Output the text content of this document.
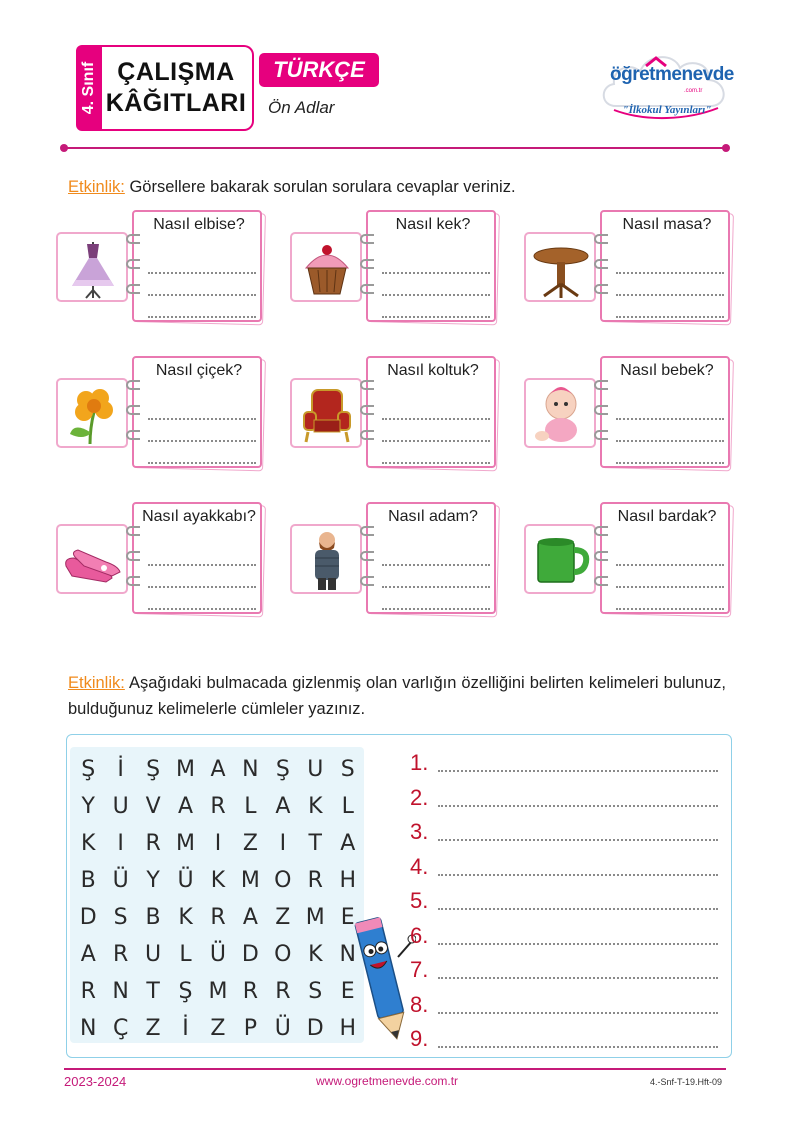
4. Sınıf ÇALIŞMA
KÂĞITLARI
TÜRKÇE
Ön Adlar
öğretmenevde
.com.tr
"İlkokul Yayınları"
Etkinlik: Görsellere bakarak sorulan sorulara cevaplar veriniz.
Nasıl elbise?	Nasıl kek?	Nasıl masa?
Nasıl çiçek?	Nasıl koltuk?	Nasıl bebek?
Nasıl ayakkabı?	Nasıl adam?	Nasıl bardak?
Etkinlik: Aşağıdaki bulmacada gizlenmiş olan varlığın özelliğini belirten kelimeleri bulunuz, bulduğunuz kelimelerle cümleler yazınız.
Ş	İ	Ş M A N Ş U S
Y U V A R L A K L
K I R M I Z I	T A
B Ü Y Ü K M O R H
D S B K R A Z M E
A R U L Ü D O K N
R N T Ş M R R S E
N Ç Z İ Z P Ü D H
1.
2.
3.
4.
5.
6.
7.
8.
9.
2023-2024	www.ogretmenevde.com.tr	4.-Snf-T-19.Hft-09
